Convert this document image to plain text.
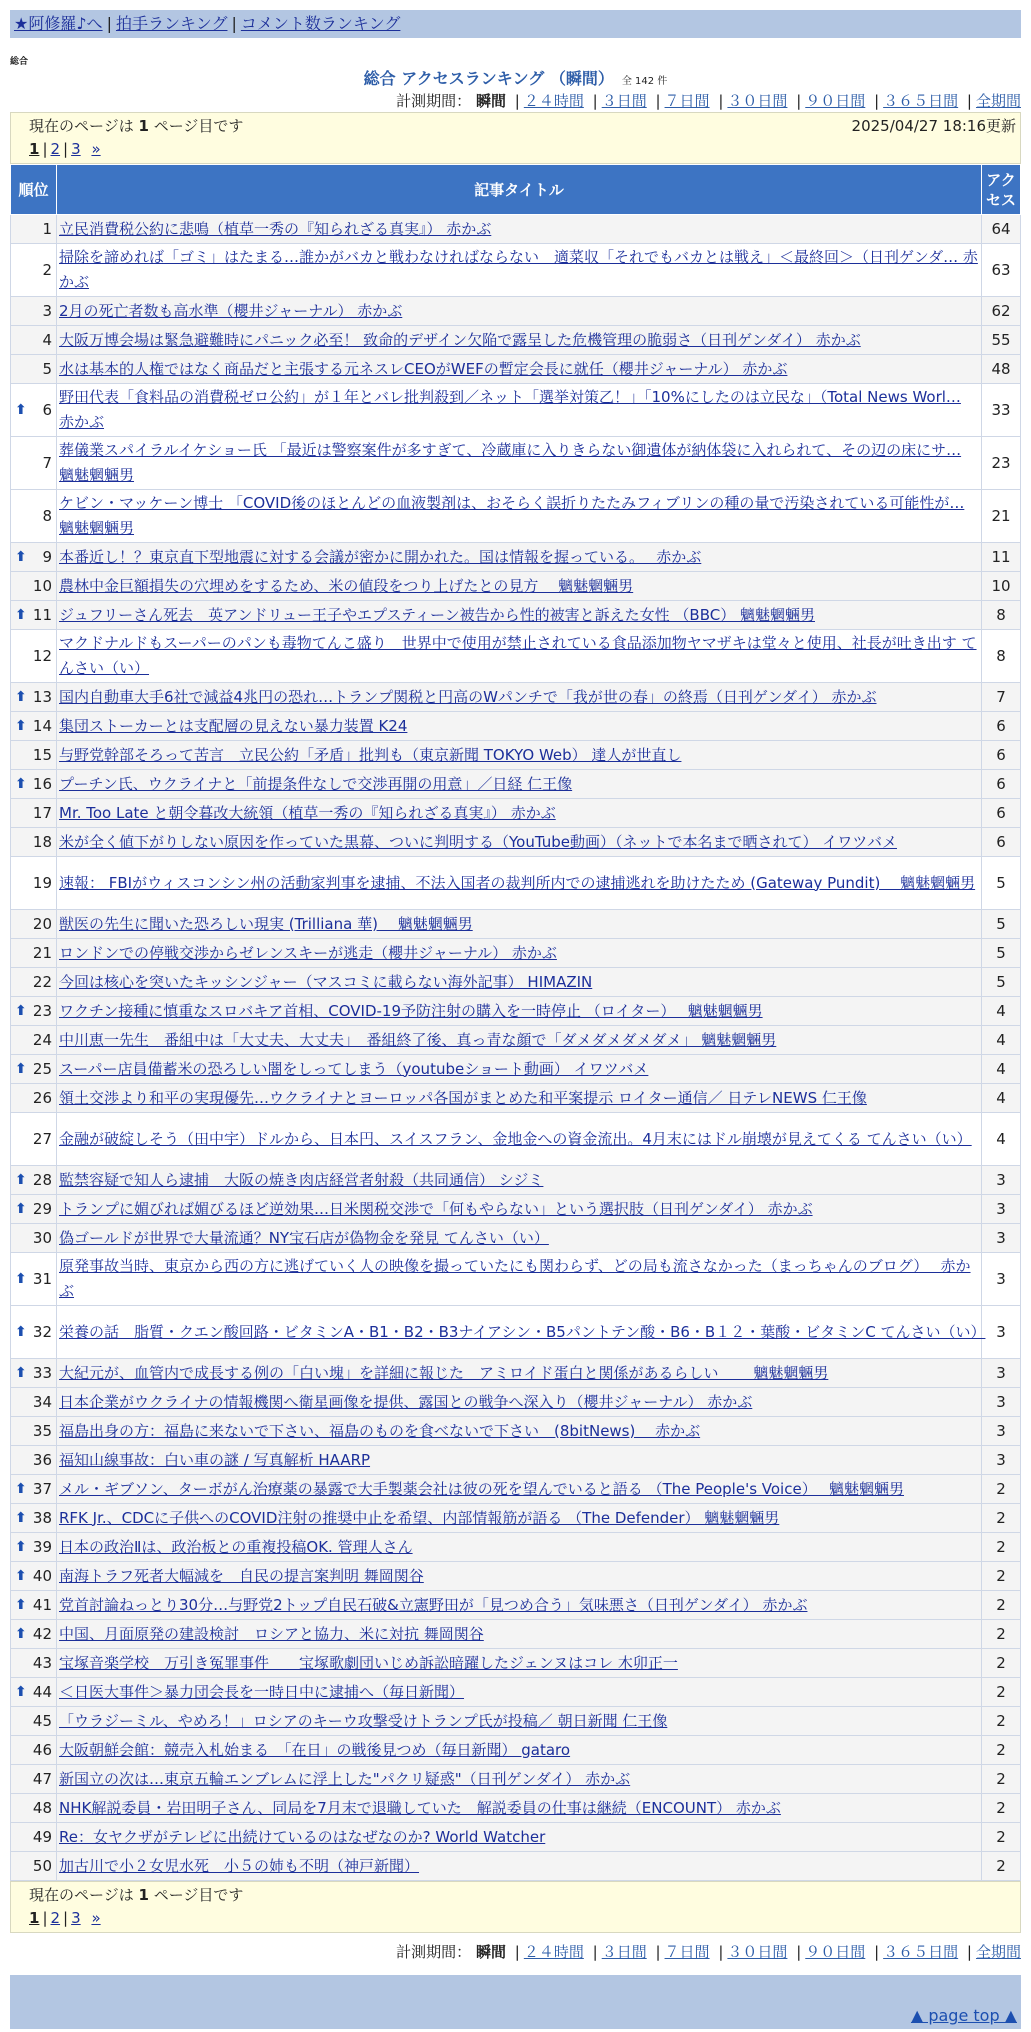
★阿修羅♪へ | 拍手ランキング | コメント数ランキング
総合
総合 アクセスランキング （瞬間） 全 142 件
計測期間： 瞬間 | ２４時間 | ３日間 | ７日間 | ３０日間 | ９０日間 | ３６５日間 | 全期間
現在のページは 1 ページ目です	2025/04/27 18:16更新
1 | 2 | 3 »
順位	記事タイトル	アクセス
1	立民消費税公約に悲鳴（植草一秀の『知られざる真実』） 赤かぶ	64
2	掃除を諦めれば「ゴミ」はたまる…誰かがバカと戦わなければならない　適菜収「それでもバカとは戦え」＜最終回＞（日刊ゲンダ… 赤かぶ	63
3	2月の死亡者数も高水準（櫻井ジャーナル） 赤かぶ	62
4	大阪万博会場は緊急避難時にパニック必至！ 致命的デザイン欠陥で露呈した危機管理の脆弱さ（日刊ゲンダイ） 赤かぶ	55
5	水は基本的人権ではなく商品だと主張する元ネスレCEOがWEFの暫定会長に就任（櫻井ジャーナル） 赤かぶ	48

⬆ 6	野田代表「食料品の消費税ゼロ公約」が１年とバレ批判殺到／ネット「選挙対策乙！」「10%にしたのは立民な」（Total News Worl… 赤かぶ	33
7	葬儀業スパイラルイケショー氏 「最近は警察案件が多すぎて、冷蔵庫に入りきらない御遺体が納体袋に入れられて、その辺の床にサ… 魑魅魍魎男	23
8	ケビン・マッケーン博士 「COVID後のほとんどの血液製剤は、おそらく誤折りたたみフィブリンの種の量で汚染されている可能性が… 魑魅魍魎男	21

⬆ 9	本番近し！？東京直下型地震に対する会議が密かに開かれた。国は情報を握っている。　 赤かぶ	11
10	農林中金巨額損失の穴埋めをするため、米の値段をつり上げたとの見方　 魑魅魍魎男	10

⬆ 11	ジュフリーさん死去　英アンドリュー王子やエプスティーン被告から性的被害と訴えた女性 （BBC） 魑魅魍魎男	8
12	マクドナルドもスーパーのパンも毒物てんこ盛り　世界中で使用が禁止されている食品添加物ヤマザキは堂々と使用、社長が吐き出す てんさい（い）	8

⬆ 13	国内自動車大手6社で減益4兆円の恐れ…トランプ関税と円高のWパンチで「我が世の春」の終焉（日刊ゲンダイ） 赤かぶ	7

⬆ 14	集団ストーカーとは支配層の見えない暴力装置 K24	6
15	与野党幹部そろって苦言　立民公約「矛盾」批判も（東京新聞 TOKYO Web） 達人が世直し	6

⬆ 16	プーチン氏、ウクライナと「前提条件なしで交渉再開の用意」／日経 仁王像	6
17	Mr. Too Late と朝令暮改大統領（植草一秀の『知られざる真実』） 赤かぶ	6
18	米が全く値下がりしない原因を作っていた黒幕、ついに判明する（YouTube動画）（ネットで本名まで晒されて） イワツバメ	6
19	速報： FBIがウィスコンシン州の活動家判事を逮捕、不法入国者の裁判所内での逮捕逃れを助けたため (Gateway Pundit)　 魑魅魍魎男	5
20	獣医の先生に聞いた恐ろしい現実 (Trilliana 華)　 魑魅魍魎男	5
21	ロンドンでの停戦交渉からゼレンスキーが逃走（櫻井ジャーナル） 赤かぶ	5
22	今回は核心を突いたキッシンジャー（マスコミに載らない海外記事） HIMAZIN	5

⬆ 23	ワクチン接種に慎重なスロバキア首相、COVID-19予防注射の購入を一時停止 （ロイター）　 魑魅魍魎男	4
24	中川恵一先生　番組中は「大丈夫、大丈夫」　番組終了後、真っ青な顔で「ダメダメダメダメ」 魑魅魍魎男	4

⬆ 25	スーパー店員備蓄米の恐ろしい闇をしってしまう（youtubeショート動画） イワツバメ	4
26	領土交渉より和平の実現優先…ウクライナとヨーロッパ各国がまとめた和平案提示 ロイター通信／ 日テレNEWS 仁王像	4
27	金融が破綻しそう（田中宇）ドルから、日本円、スイスフラン、金地金への資金流出。4月末にはドル崩壊が見えてくる てんさい（い）	4

⬆ 28	監禁容疑で知人ら逮捕　大阪の焼き肉店経営者射殺（共同通信） シジミ	3

⬆ 29	トランプに媚びれば媚びるほど逆効果…日米関税交渉で「何もやらない」という選択肢（日刊ゲンダイ） 赤かぶ	3
30	偽ゴールドが世界で大量流通？NY宝石店が偽物金を発見 てんさい（い）	3

⬆ 31	原発事故当時、東京から西の方に逃げていく人の映像を撮っていたにも関わらず、どの局も流さなかった（まっちゃんのブログ）　 赤かぶ	3

⬆ 32	栄養の話　脂質・クエン酸回路・ビタミンA・B1・B2・B3ナイアシン・B5パントテン酸・B6・B１２・葉酸・ビタミンC てんさい（い）	3

⬆ 33	大紀元が、血管内で成長する例の「白い塊」を詳細に報じた　アミロイド蛋白と関係があるらしい　　 魑魅魍魎男	3
34	日本企業がウクライナの情報機関へ衛星画像を提供、露国との戦争へ深入り（櫻井ジャーナル） 赤かぶ	3
35	福島出身の方：福島に来ないで下さい、福島のものを食べないで下さい　(8bitNews)　 赤かぶ	3
36	福知山線事故：白い車の謎 / 写真解析 HAARP	3

⬆ 37	メル・ギブソン、ターボがん治療薬の暴露で大手製薬会社は彼の死を望んでいると語る （The People's Voice）　 魑魅魍魎男	2

⬆ 38	RFK Jr.、CDCに子供へのCOVID注射の推奨中止を希望、内部情報筋が語る （The Defender） 魑魅魍魎男	2

⬆ 39	日本の政治Ⅱは、政治板との重複投稿OK. 管理人さん	2

⬆ 40	南海トラフ死者大幅減を　自民の提言案判明 舞岡関谷	2

⬆ 41	党首討論ねっとり30分…与野党2トップ自民石破&立憲野田が「見つめ合う」気味悪さ（日刊ゲンダイ） 赤かぶ	2

⬆ 42	中国、月面原発の建設検討　ロシアと協力、米に対抗 舞岡関谷	2
43	宝塚音楽学校　万引き冤罪事件　　宝塚歌劇団いじめ訴訟暗躍したジェンヌはコレ 木卯正一	2

⬆ 44	＜日医大事件＞暴力団会長を一時日中に逮捕へ（毎日新聞）	2
45	「ウラジーミル、やめろ！」ロシアのキーウ攻撃受けトランプ氏が投稿／ 朝日新聞 仁王像	2
46	大阪朝鮮会館：競売入札始まる　「在日」の戦後見つめ（毎日新聞） gataro	2
47	新国立の次は…東京五輪エンブレムに浮上した"パクリ疑惑"（日刊ゲンダイ） 赤かぶ	2
48	NHK解説委員・岩田明子さん、同局を7月末で退職していた　解説委員の仕事は継続（ENCOUNT） 赤かぶ	2
49	Re：女ヤクザがテレビに出続けているのはなぜなのか? World Watcher	2
50	加古川で小２女児水死　小５の姉も不明（神戸新聞）	2
現在のページは 1 ページ目です
1 | 2 | 3 »
計測期間： 瞬間 | ２４時間 | ３日間 | ７日間 | ３０日間 | ９０日間 | ３６５日間 | 全期間
▲ page top ▲
